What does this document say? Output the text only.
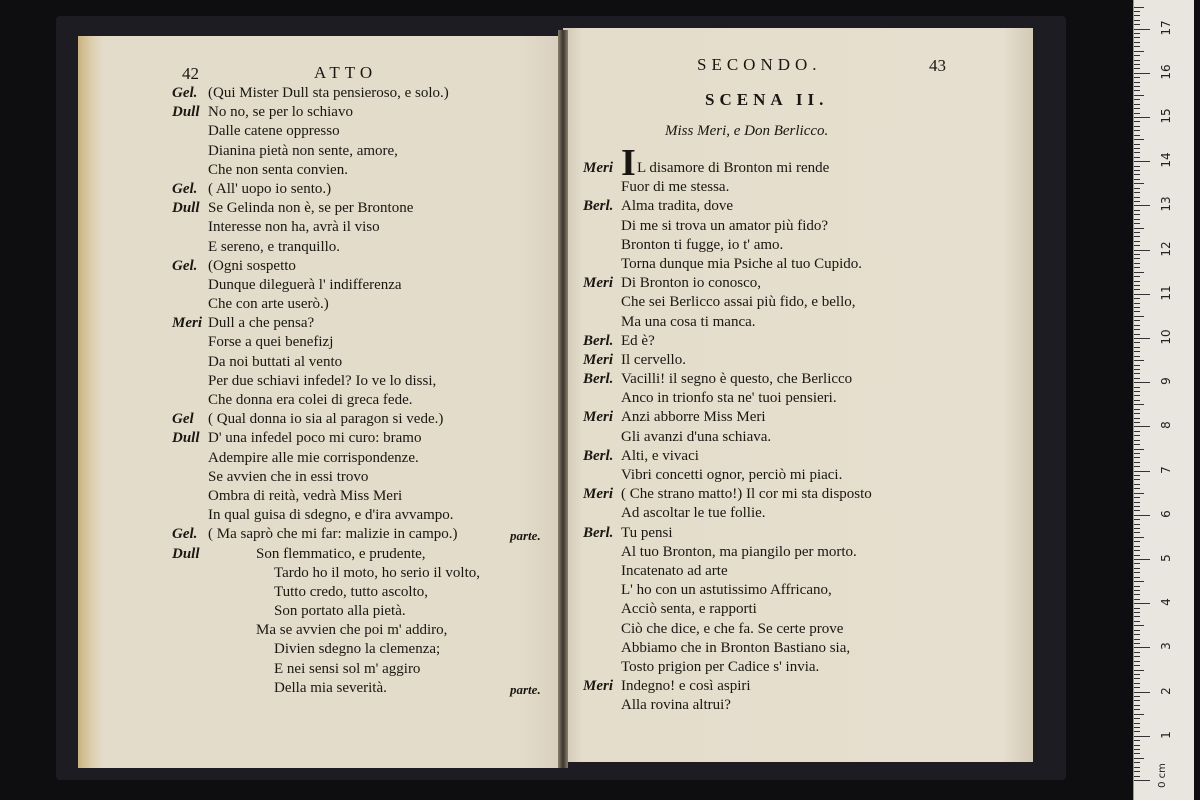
42	ATTO
Gel. (Qui Mister Dull sta pensieroso, e solo.)
Dull No no, se per lo schiavo
Dalle catene oppresso
Dianina pietà non sente, amore,
Che non senta convien.
Gel. ( All' uopo io sento.)
Dull Se Gelinda non è, se per Brontone
Interesse non ha, avrà il viso
E sereno, e tranquillo.
Gel. (Ogni sospetto
Dunque dileguerà l' indifferenza
Che con arte userò.)
Meri Dull a che pensa?
Forse a quei benefizj
Da noi buttati al vento
Per due schiavi infedel? Io ve lo dissi,
Che donna era colei di greca fede.
Gel ( Qual donna io sia al paragon si vede.)
Dull D' una infedel poco mi curo: bramo
Adempire alle mie corrispondenze.
Se avvien che in essi trovo
Ombra di reità, vedrà Miss Meri
In qual guisa di sdegno, e d'ira avvampo.
Gel. ( Ma saprò che mi far: malizie in campo.)	parte.
Dull	Son flemmatico, e prudente,
Tardo ho il moto, ho serio il volto,
Tutto credo, tutto ascolto,
Son portato alla pietà.
Ma se avvien che poi m' addiro,
Divien sdegno la clemenza;
E nei sensi sol m' aggiro
Della mia severità.	parte.
SECONDO.	43
SCENA II.
Miss Meri, e Don Berlicco.
Meri I L disamore di Bronton mi rende
Fuor di me stessa.
Berl. Alma tradita, dove
Di me si trova un amator più fido?
Bronton ti fugge, io t' amo.
Torna dunque mia Psiche al tuo Cupido.
Meri Di Bronton io conosco,
Che sei Berlicco assai più fido, e bello,
Ma una cosa ti manca.
Berl. Ed è?
Meri Il cervello.
Berl. Vacilli! il segno è questo, che Berlicco
Anco in trionfo sta ne' tuoi pensieri.
Meri Anzi abborre Miss Meri
Gli avanzi d'una schiava.
Berl. Alti, e vivaci
Vibri concetti ognor, perciò mi piaci.
Meri ( Che strano matto!) Il cor mi sta disposto
Ad ascoltar le tue follie.
Berl. Tu pensi
Al tuo Bronton, ma piangilo per morto.
Incatenato ad arte
L' ho con un astutissimo Affricano,
Acciò senta, e rapporti
Ciò che dice, e che fa. Se certe prove
Abbiamo che in Bronton Bastiano sia,
Tosto prigion per Cadice s' invia.
Meri Indegno! e così aspiri
Alla rovina altrui?
0 cm
1
2
3
4
5
6
7
8
9
10
11
12
13
14
15
16
17
